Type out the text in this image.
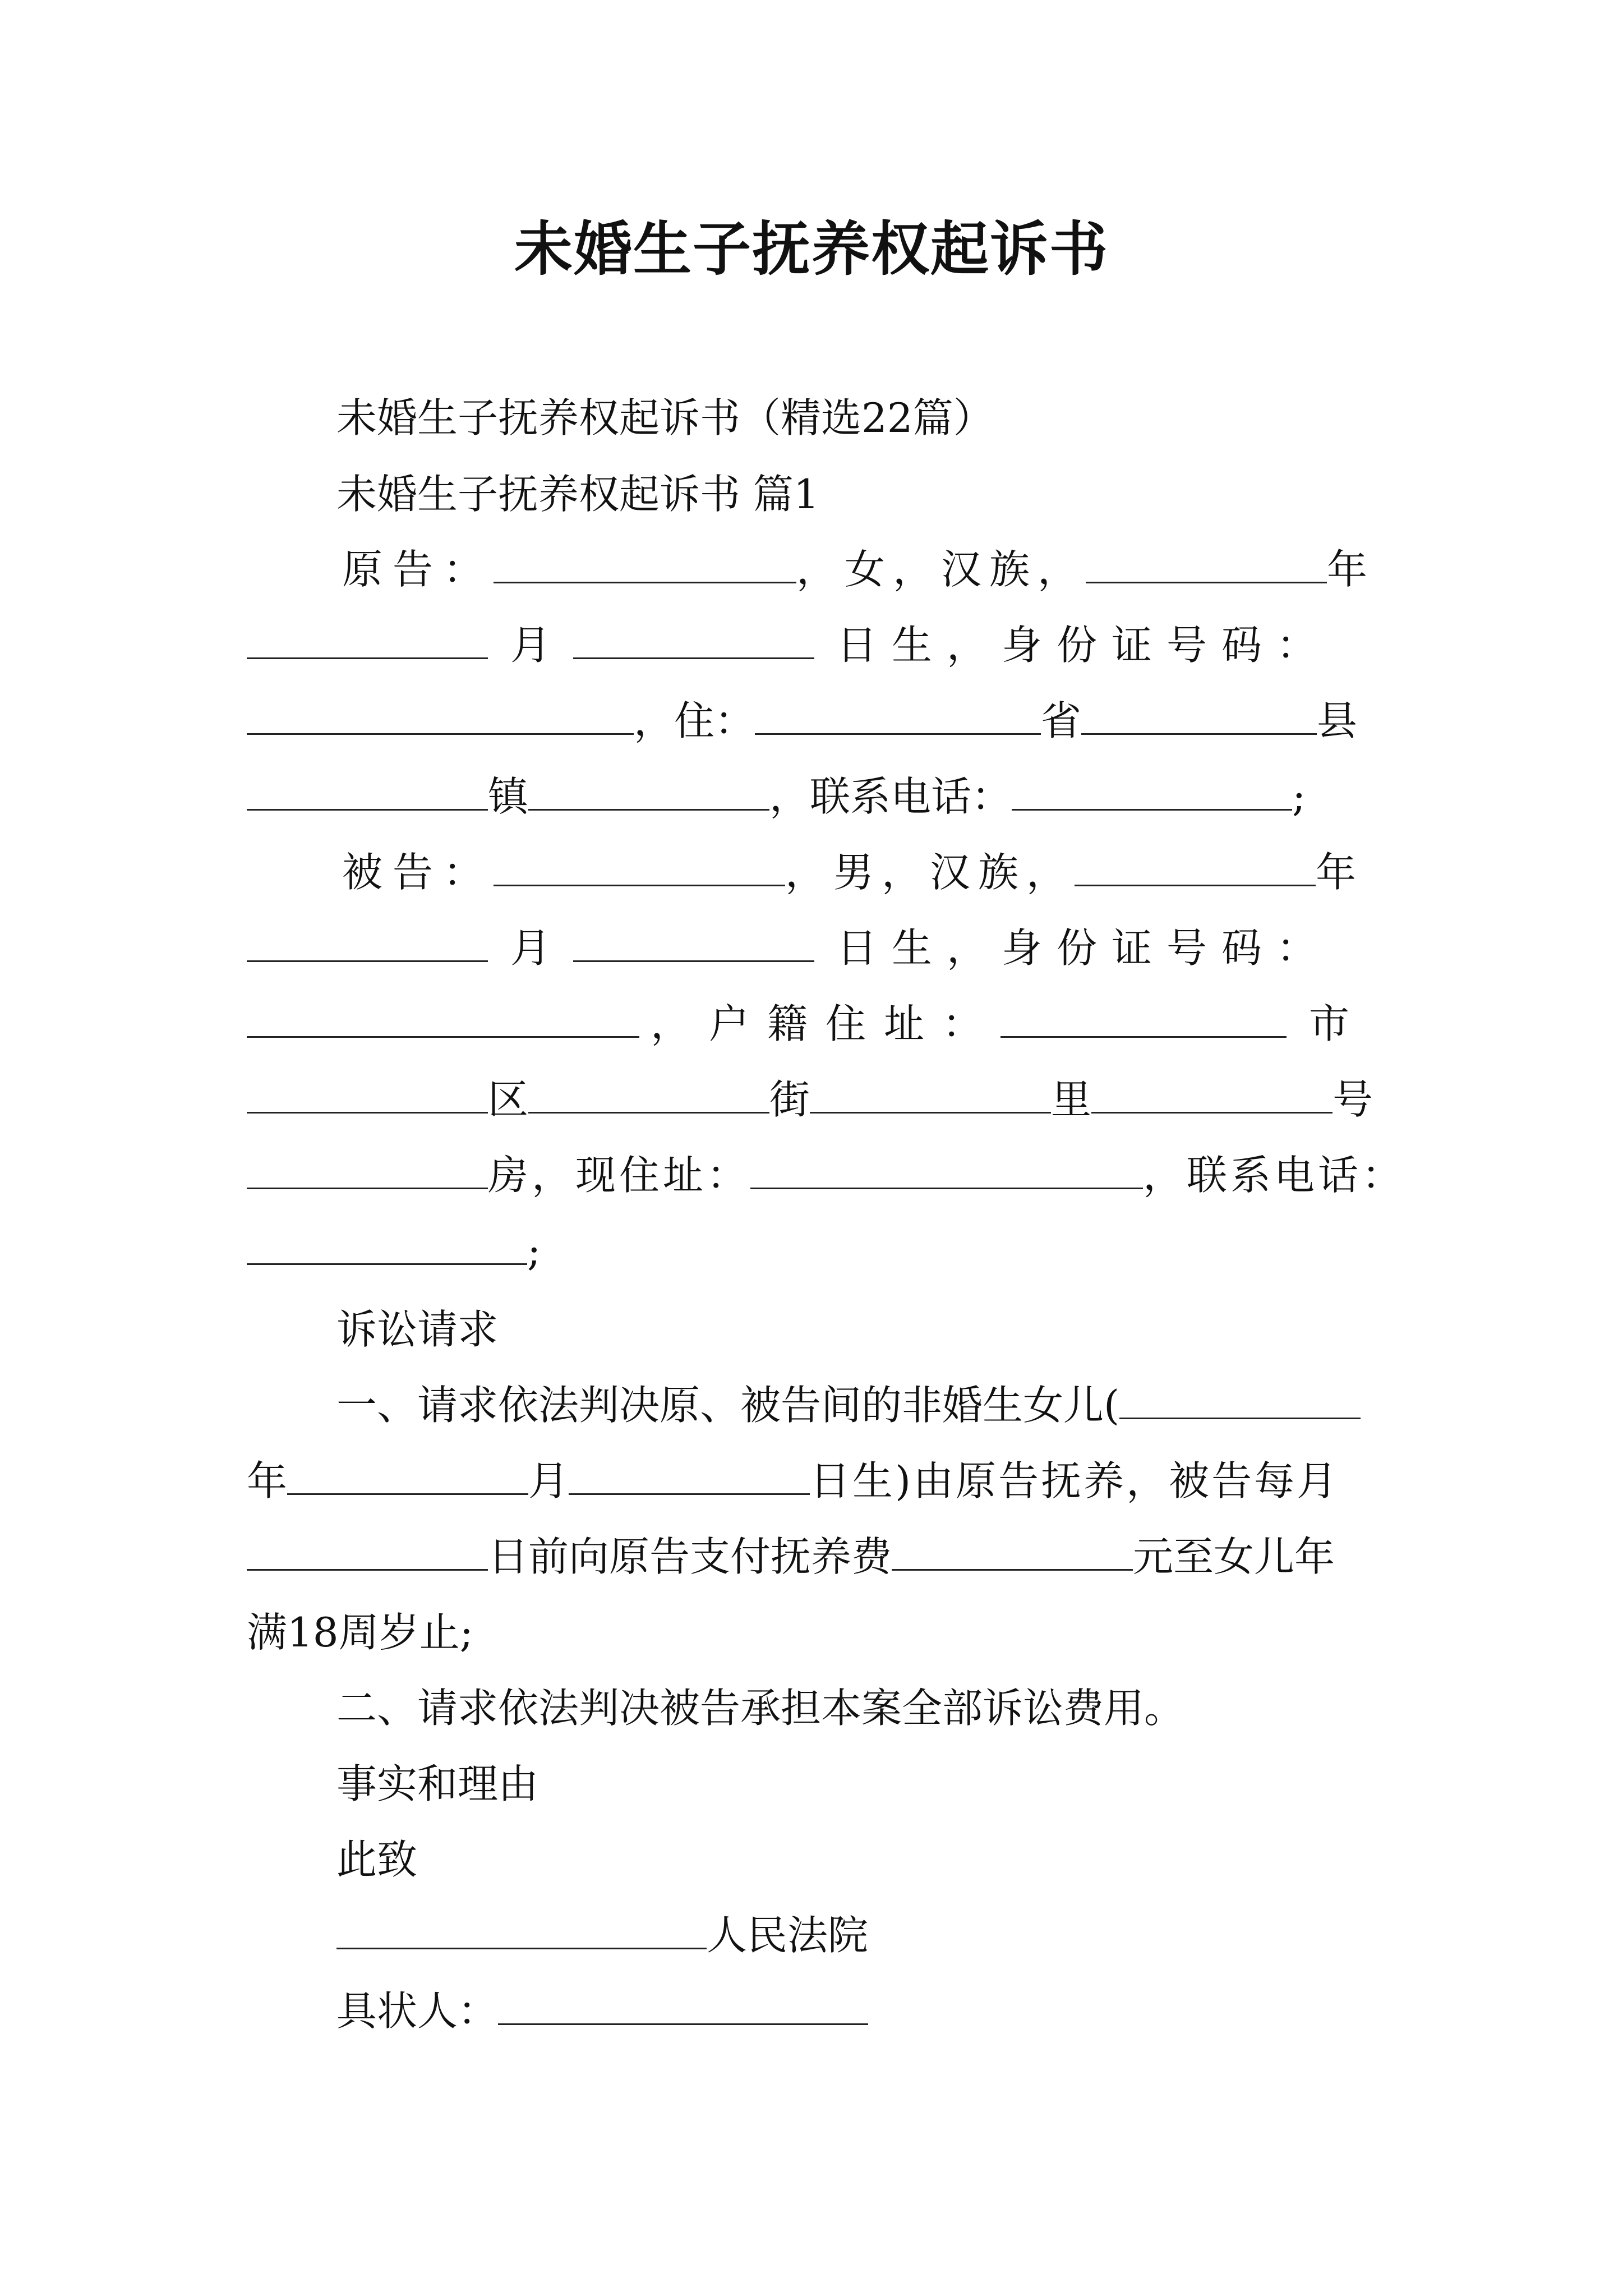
未婚生子抚养权起诉书
未婚生子抚养权起诉书（精选22篇）
未婚生子抚养权起诉书 篇1
原告：	，女，汉族，	年
月	日生，身份证号码：
，住：	省	县
镇	，联系电话：	;
被告：	，男，汉族，	年
月	日生，身份证号码：
，户籍住址：	市
区	街	里	号
房，现住址：	，联系电话：
;
诉讼请求
一、请求依法判决原、被告间的非婚生女儿(
年	月	日生)由原告抚养，被告每月
日前向原告支付抚养费	元至女儿年
满18周岁止;
二、请求依法判决被告承担本案全部诉讼费用。
事实和理由
此致
人民法院
具状人：
